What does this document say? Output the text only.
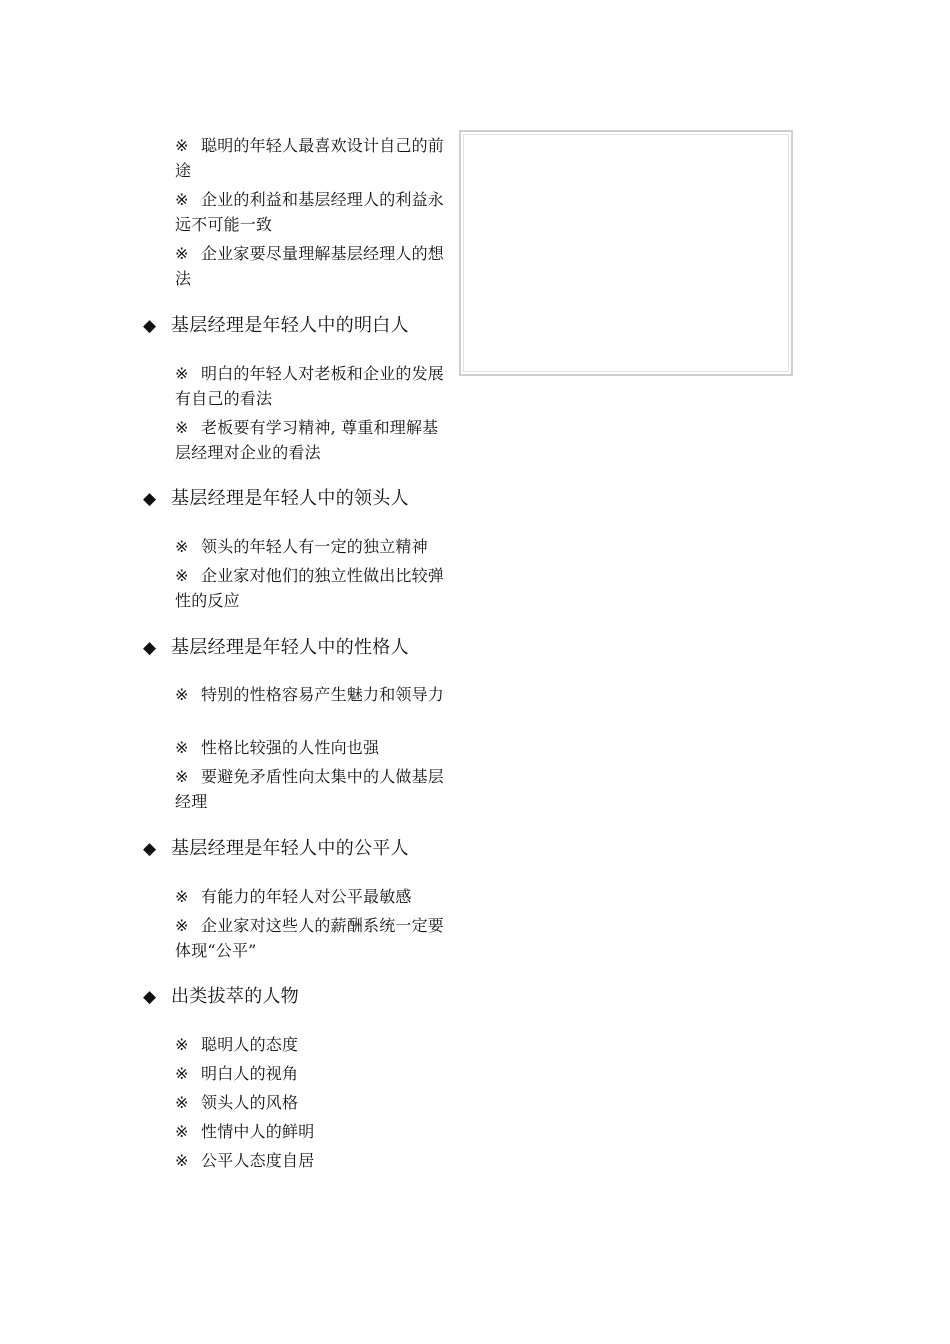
※ 聪明的年轻人最喜欢设计自己的前途
※ 企业的利益和基层经理人的利益永远不可能一致
※ 企业家要尽量理解基层经理人的想法
◆ 基层经理是年轻人中的明白人
※ 明白的年轻人对老板和企业的发展有自己的看法
※ 老板要有学习精神, 尊重和理解基层经理对企业的看法
◆ 基层经理是年轻人中的领头人
※ 领头的年轻人有一定的独立精神
※ 企业家对他们的独立性做出比较弹性的反应
◆ 基层经理是年轻人中的性格人
※ 特别的性格容易产生魅力和领导力
※ 性格比较强的人性向也强
※ 要避免矛盾性向太集中的人做基层经理
◆ 基层经理是年轻人中的公平人
※ 有能力的年轻人对公平最敏感
※ 企业家对这些人的薪酬系统一定要体现“公平”
◆ 出类拔萃的人物
※ 聪明人的态度
※ 明白人的视角
※ 领头人的风格
※ 性情中人的鲜明
※ 公平人态度自居
